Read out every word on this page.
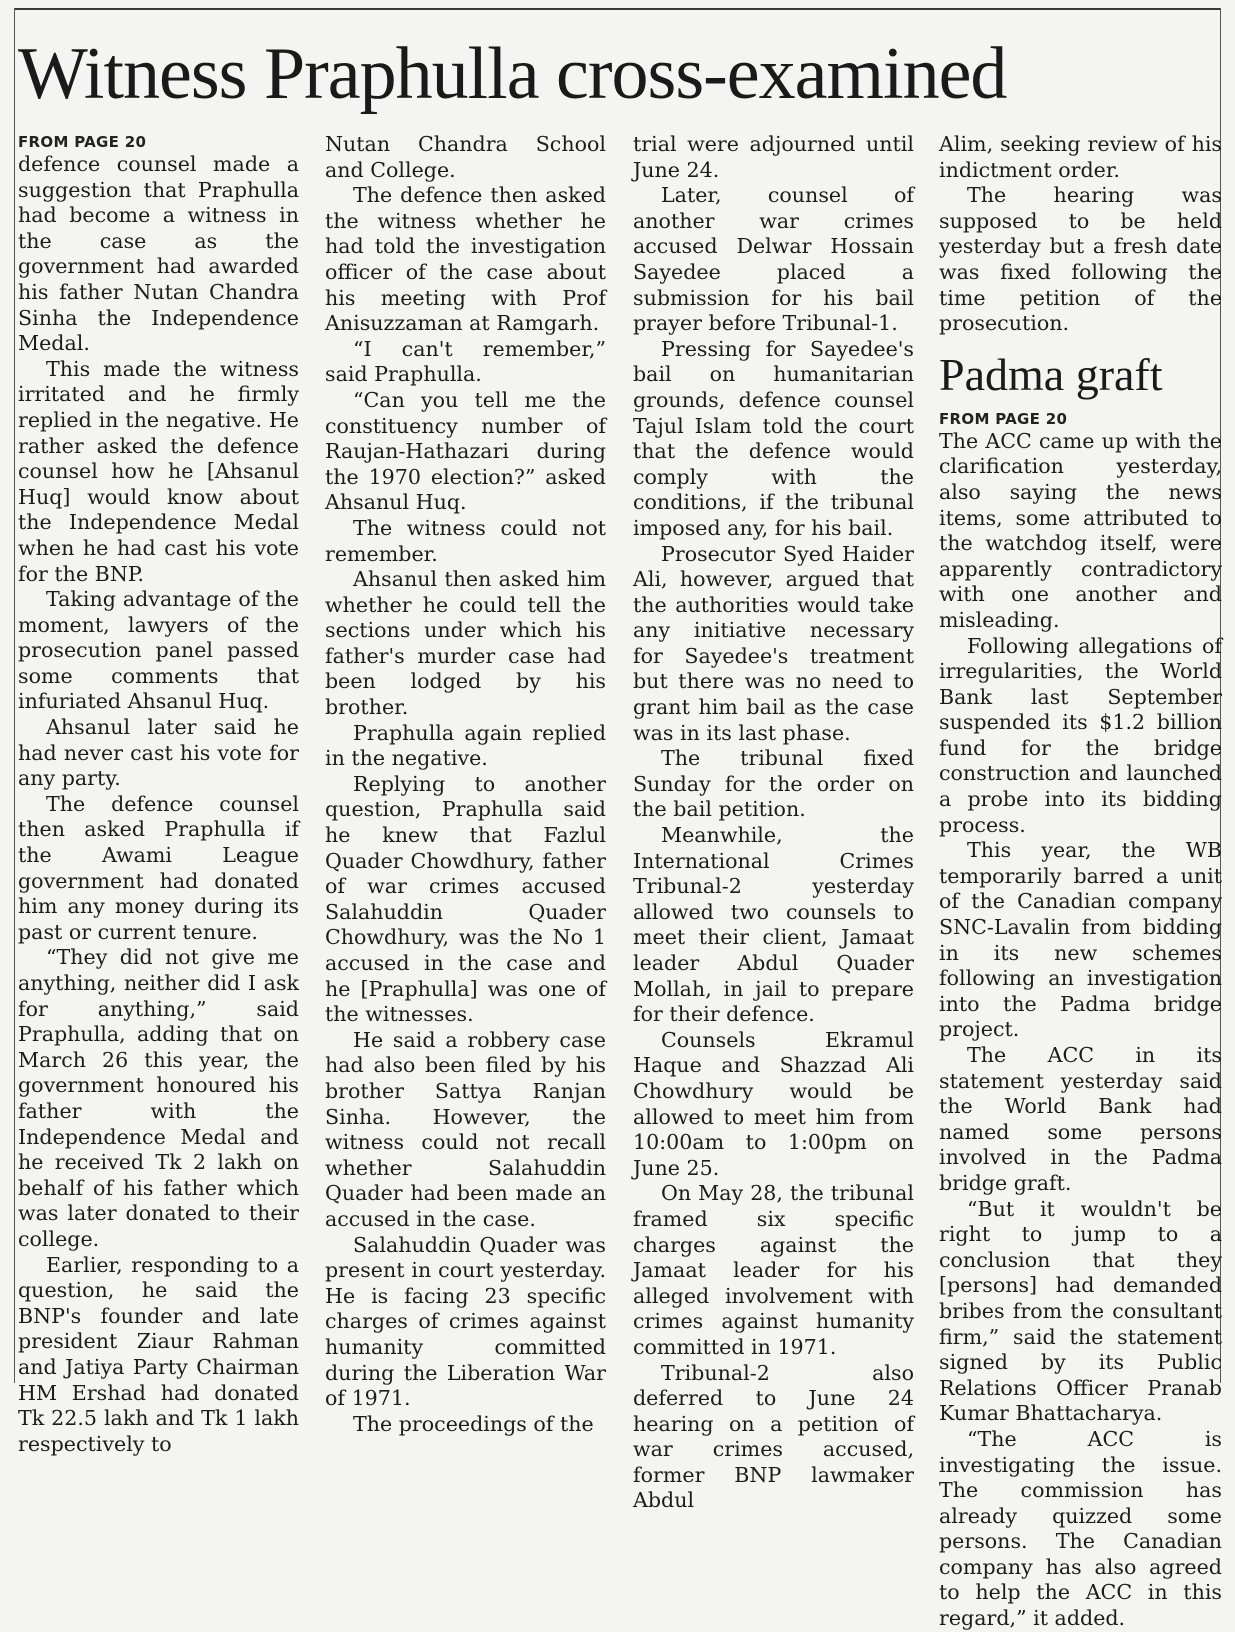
Witness Praphulla cross-examined
FROM PAGE 20

defence counsel made a suggestion that Praphulla had become a witness in the case as the government had awarded his father Nutan Chandra Sinha the Independence Medal.

This made the witness irritated and he firmly replied in the negative. He rather asked the defence counsel how he [Ahsanul Huq] would know about the Independence Medal when he had cast his vote for the BNP.

Taking advantage of the moment, lawyers of the prosecution panel passed some comments that infuriated Ahsanul Huq.

Ahsanul later said he had never cast his vote for any party.

The defence counsel then asked Praphulla if the Awami League government had donated him any money during its past or current tenure.

“They did not give me anything, neither did I ask for anything,” said Praphulla, adding that on March 26 this year, the government honoured his father with the Independence Medal and he received Tk 2 lakh on behalf of his father which was later donated to their college.

Earlier, responding to a question, he said the BNP's founder and late president Ziaur Rahman and Jatiya Party Chairman HM Ershad had donated Tk 22.5 lakh and Tk 1 lakh respectively to

Nutan Chandra School and College.

The defence then asked the witness whether he had told the investigation officer of the case about his meeting with Prof Anisuzzaman at Ramgarh.

“I can't remember,” said Praphulla.

“Can you tell me the constituency number of Raujan-Hathazari during the 1970 election?” asked Ahsanul Huq.

The witness could not remember.

Ahsanul then asked him whether he could tell the sections under which his father's murder case had been lodged by his brother.

Praphulla again replied in the negative.

Replying to another question, Praphulla said he knew that Fazlul Quader Chowdhury, father of war crimes accused Salahuddin Quader Chowdhury, was the No 1 accused in the case and he [Praphulla] was one of the witnesses.

He said a robbery case had also been filed by his brother Sattya Ranjan Sinha. However, the witness could not recall whether Salahuddin Quader had been made an accused in the case.

Salahuddin Quader was present in court yesterday. He is facing 23 specific charges of crimes against humanity committed during the Liberation War of 1971.

The proceedings of the

trial were adjourned until June 24.

Later, counsel of another war crimes accused Delwar Hossain Sayedee placed a submission for his bail prayer before Tribunal-1.

Pressing for Sayedee's bail on humanitarian grounds, defence counsel Tajul Islam told the court that the defence would comply with the conditions, if the tribunal imposed any, for his bail.

Prosecutor Syed Haider Ali, however, argued that the authorities would take any initiative necessary for Sayedee's treatment but there was no need to grant him bail as the case was in its last phase.

The tribunal fixed Sunday for the order on the bail petition.

Meanwhile, the International Crimes Tribunal-2 yesterday allowed two counsels to meet their client, Jamaat leader Abdul Quader Mollah, in jail to prepare for their defence.

Counsels Ekramul Haque and Shazzad Ali Chowdhury would be allowed to meet him from 10:00am to 1:00pm on June 25.

On May 28, the tribunal framed six specific charges against the Jamaat leader for his alleged involvement with crimes against humanity committed in 1971.

Tribunal-2 also deferred to June 24 hearing on a petition of war crimes accused, former BNP lawmaker Abdul

Alim, seeking review of his indictment order.

The hearing was supposed to be held yesterday but a fresh date was fixed following the time petition of the prosecution.

Padma graft
FROM PAGE 20

The ACC came up with the clarification yesterday, also saying the news items, some attributed to the watchdog itself, were apparently contradictory with one another and misleading.

Following allegations of irregularities, the World Bank last September suspended its $1.2 billion fund for the bridge construction and launched a probe into its bidding process.

This year, the WB temporarily barred a unit of the Canadian company SNC-Lavalin from bidding in its new schemes following an investigation into the Padma bridge project.

The ACC in its statement yesterday said the World Bank had named some persons involved in the Padma bridge graft.

“But it wouldn't be right to jump to a conclusion that they [persons] had demanded bribes from the consultant firm,” said the statement signed by its Public Relations Officer Pranab Kumar Bhattacharya.

“The ACC is investigating the issue. The commission has already quizzed some persons. The Canadian company has also agreed to help the ACC in this regard,” it added.
